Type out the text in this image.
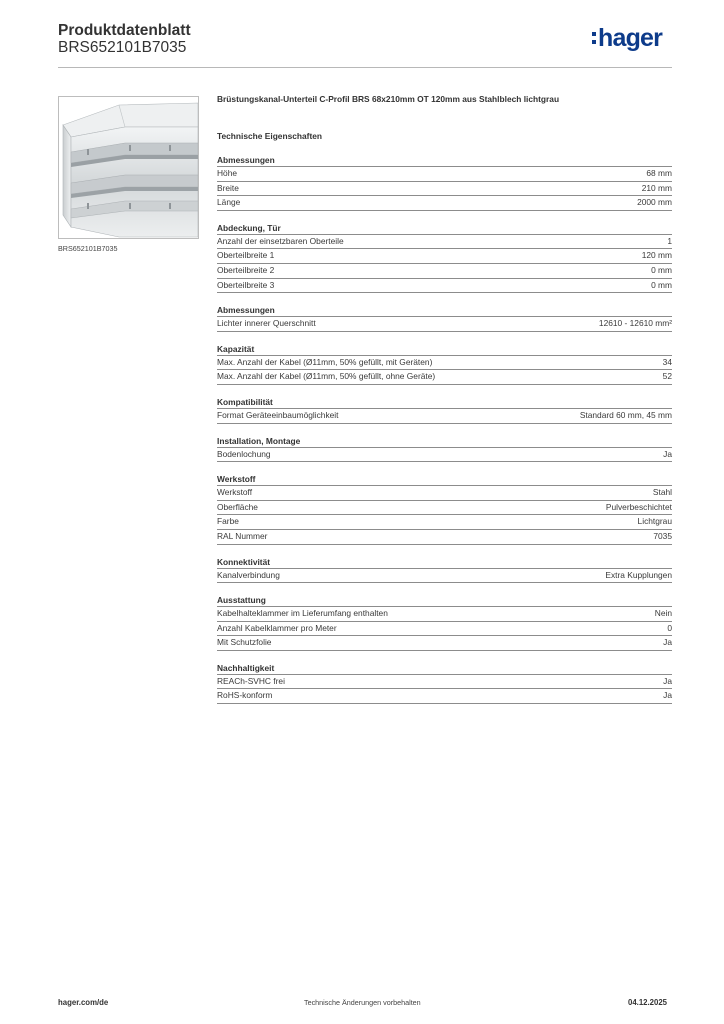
Produktdatenblatt
BRS652101B7035	hager
BRS652101B7035
Brüstungskanal-Unterteil C-Profil BRS 68x210mm OT 120mm aus Stahlblech lichtgrau
Technische Eigenschaften
Abmessungen
Höhe	68 mm
Breite	210 mm
Länge	2000 mm
Abdeckung, Tür
Anzahl der einsetzbaren Oberteile	1
Oberteilbreite 1	120 mm
Oberteilbreite 2	0 mm
Oberteilbreite 3	0 mm
Abmessungen
Lichter innerer Querschnitt	12610 - 12610 mm²
Kapazität
Max. Anzahl der Kabel (Ø11mm, 50% gefüllt, mit Geräten)	34
Max. Anzahl der Kabel (Ø11mm, 50% gefüllt, ohne Geräte)	52
Kompatibilität
Format Geräteeinbaumöglichkeit	Standard 60 mm, 45 mm
Installation, Montage
Bodenlochung	Ja
Werkstoff
Werkstoff	Stahl
Oberfläche	Pulverbeschichtet
Farbe	Lichtgrau
RAL Nummer	7035
Konnektivität
Kanalverbindung	Extra Kupplungen
Ausstattung
Kabelhalteklammer im Lieferumfang enthalten	Nein
Anzahl Kabelklammer pro Meter	0
Mit Schutzfolie	Ja
Nachhaltigkeit
REACh-SVHC frei	Ja
RoHS-konform	Ja
hager.com/de	Technische Änderungen vorbehalten	04.12.2025
